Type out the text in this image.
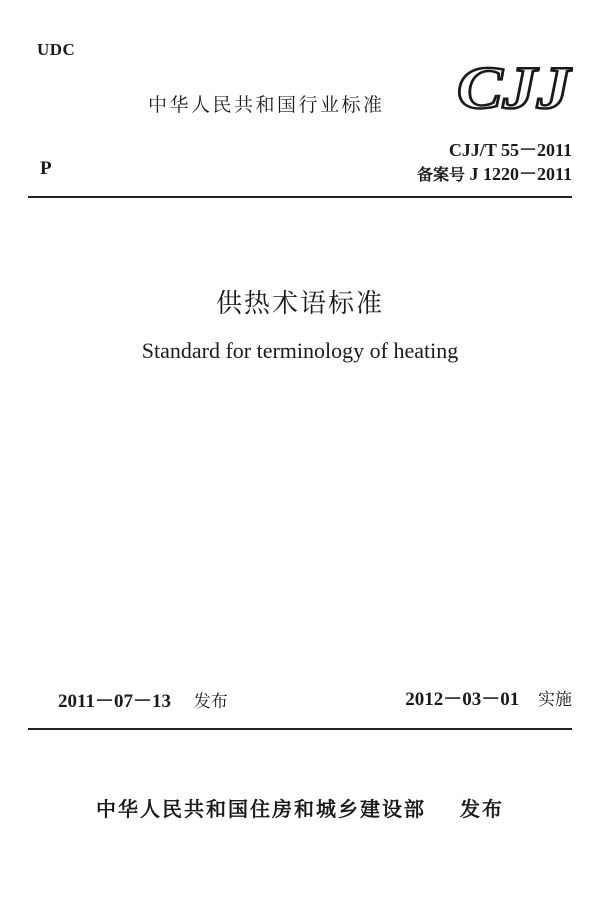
UDC
中华人民共和国行业标准 CJJ
CJJ/T 55－2011
备案号 J 1220－2011
P
供热术语标准
Standard for terminology of heating
2011－07－13 发布	2012－03－01 实施
中华人民共和国住房和城乡建设部 发布
